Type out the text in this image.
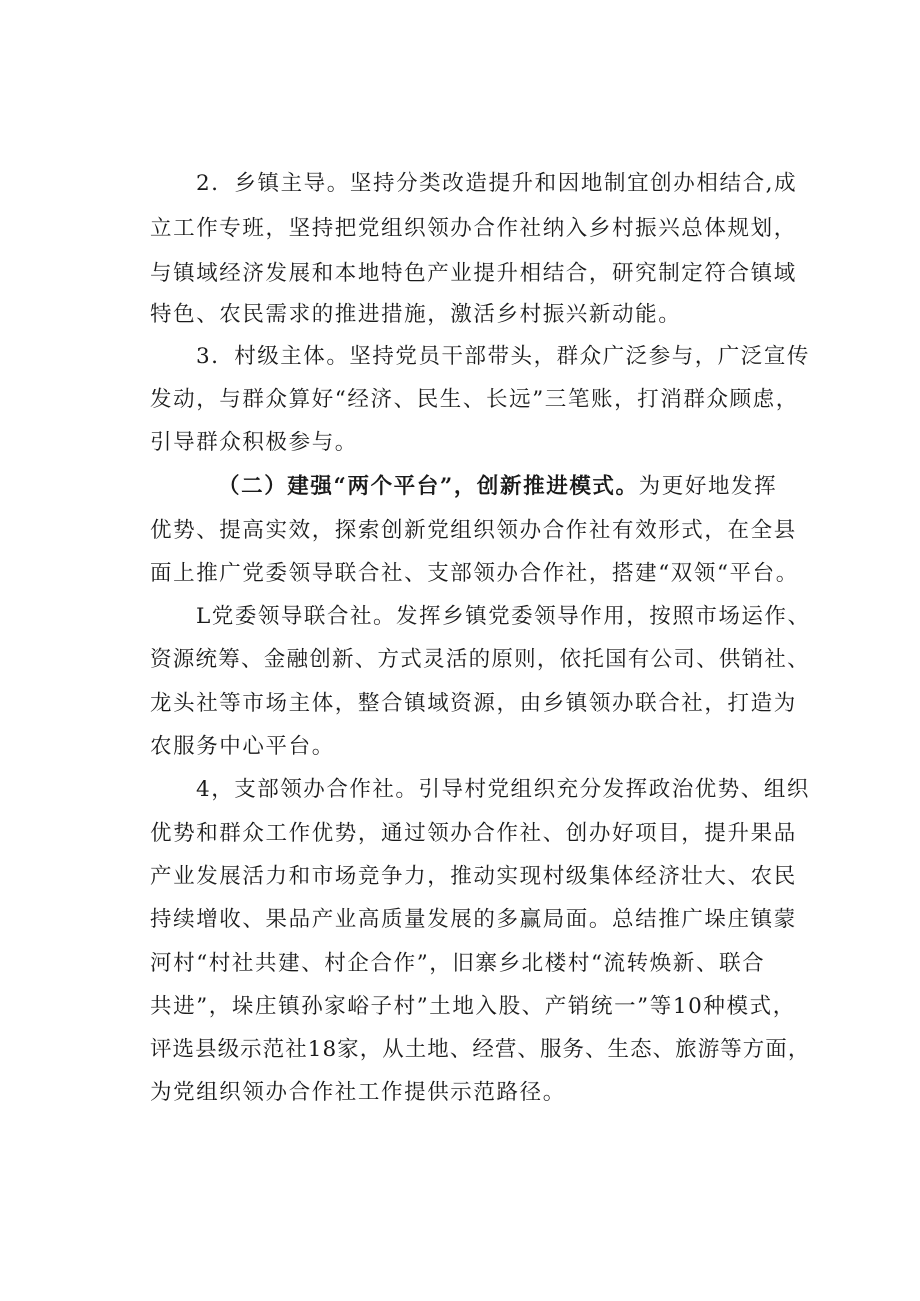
2．乡镇主导。坚持分类改造提升和因地制宜创办相结合,成
立工作专班，坚持把党组织领办合作社纳入乡村振兴总体规划，
与镇域经济发展和本地特色产业提升相结合，研究制定符合镇域
特色、农民需求的推进措施，激活乡村振兴新动能。
3．村级主体。坚持党员干部带头，群众广泛参与，广泛宣传
发动，与群众算好“经济、民生、长远”三笔账，打消群众顾虑，
引导群众积极参与。
（二）建强“两个平台”，创新推进模式。为更好地发挥
优势、提高实效，探索创新党组织领办合作社有效形式，在全县
面上推广党委领导联合社、支部领办合作社，搭建“双领“平台。
L党委领导联合社。发挥乡镇党委领导作用，按照市场运作、
资源统筹、金融创新、方式灵活的原则，依托国有公司、供销社、
龙头社等市场主体，整合镇域资源，由乡镇领办联合社，打造为
农服务中心平台。
4，支部领办合作社。引导村党组织充分发挥政治优势、组织
优势和群众工作优势，通过领办合作社、创办好项目，提升果品
产业发展活力和市场竞争力，推动实现村级集体经济壮大、农民
持续增收、果品产业高质量发展的多赢局面。总结推广垛庄镇蒙
河村“村社共建、村企合作”，旧寨乡北楼村“流转焕新、联合
共进”，垛庄镇孙家峪子村”土地入股、产销统一”等10种模式，
评选县级示范社18家，从土地、经营、服务、生态、旅游等方面，
为党组织领办合作社工作提供示范路径。
